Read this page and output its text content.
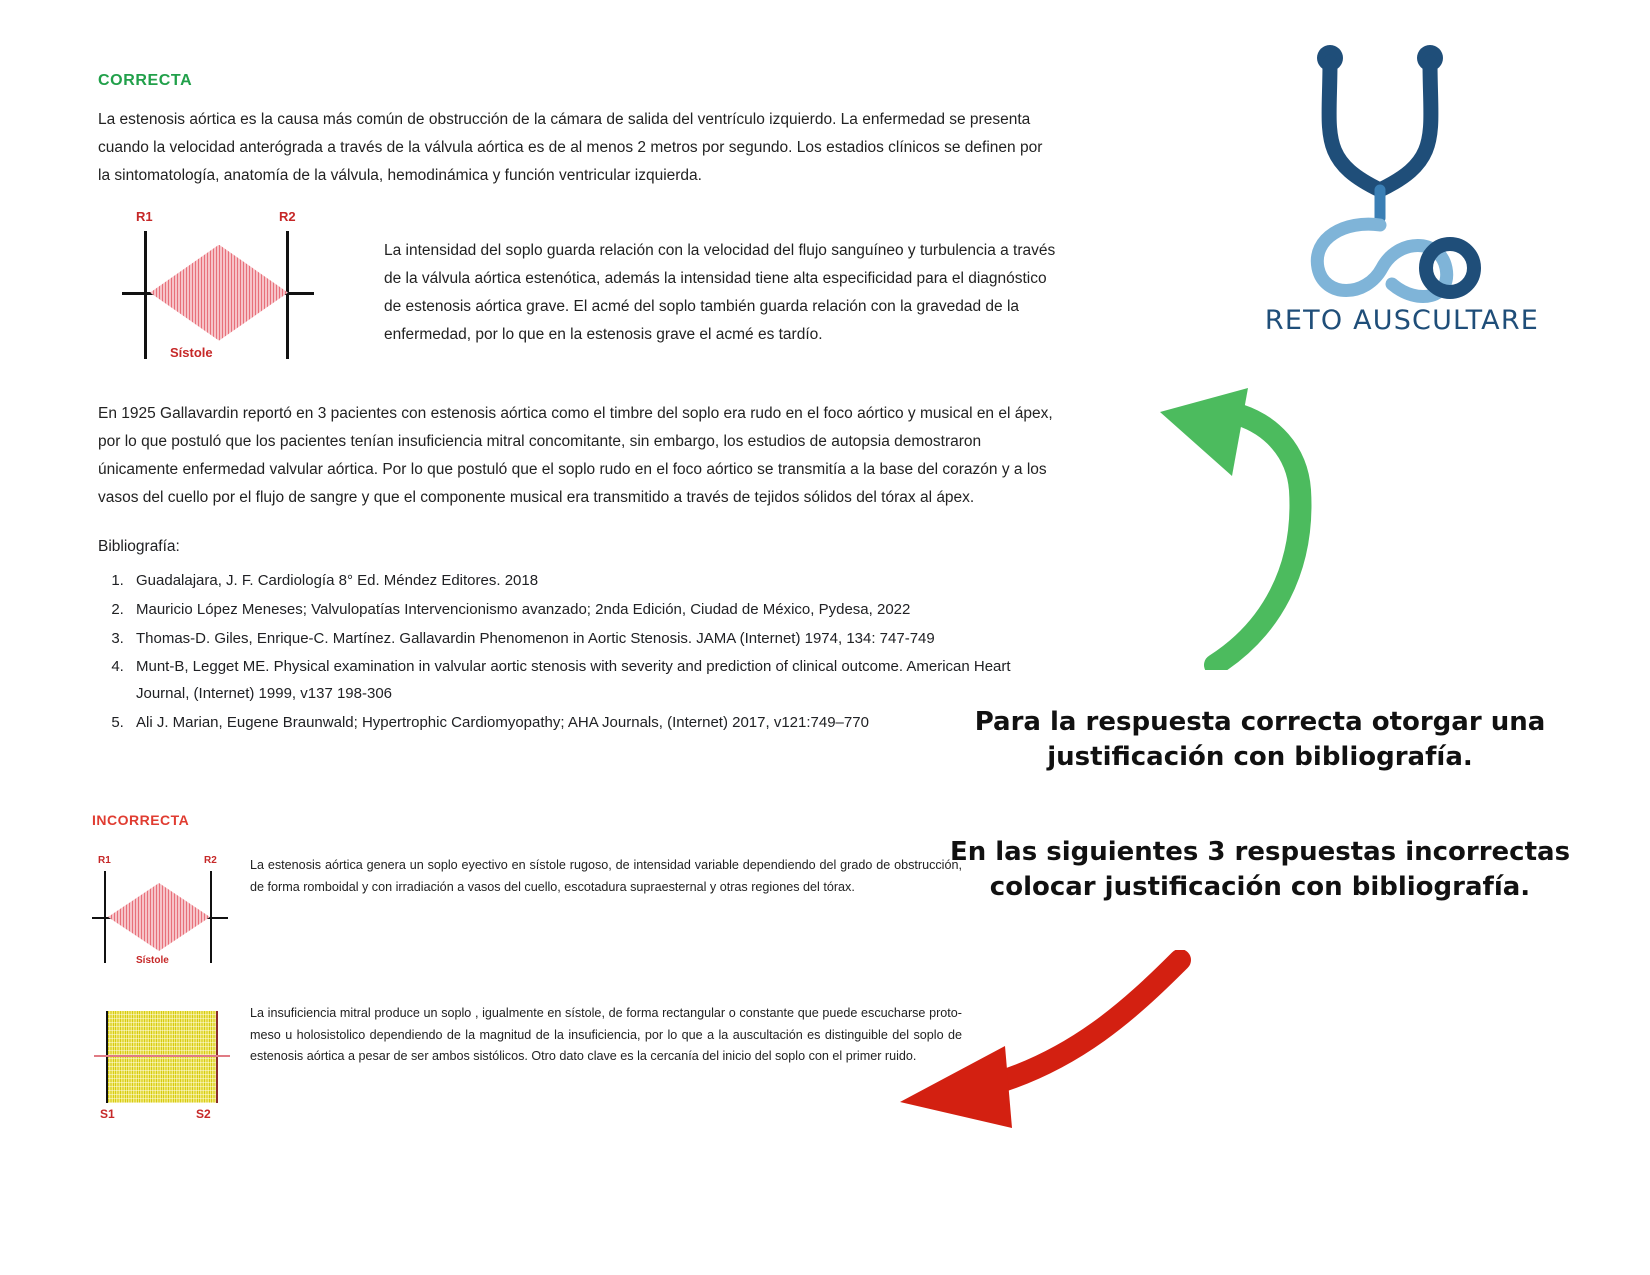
CORRECTA

La estenosis aórtica es la causa más común de obstrucción de la cámara de salida del ventrículo izquierdo. La enfermedad se presenta cuando la velocidad anterógrada a través de la válvula aórtica es de al menos 2 metros por segundo. Los estadios clínicos se definen por la sintomatología, anatomía de la válvula, hemodinámica y función ventricular izquierda.

R1	R2
Sístole
La intensidad del soplo guarda relación con la velocidad del flujo sanguíneo y turbulencia a través de la válvula aórtica estenótica, además la intensidad tiene alta especificidad para el diagnóstico de estenosis aórtica grave. El acmé del soplo también guarda relación con la gravedad de la enfermedad, por lo que en la estenosis grave el acmé es tardío.

En 1925 Gallavardin reportó en 3 pacientes con estenosis aórtica como el timbre del soplo era rudo en el foco aórtico y musical en el ápex, por lo que postuló que los pacientes tenían insuficiencia mitral concomitante, sin embargo, los estudios de autopsia demostraron únicamente enfermedad valvular aórtica. Por lo que postuló que el soplo rudo en el foco aórtico se transmitía a la base del corazón y a los vasos del cuello por el flujo de sangre y que el componente musical era transmitido a través de tejidos sólidos del tórax al ápex.

Bibliografía:

1. Guadalajara, J. F. Cardiología 8° Ed. Méndez Editores. 2018
2. Mauricio López Meneses; Valvulopatías Intervencionismo avanzado; 2nda Edición, Ciudad de México, Pydesa, 2022
3. Thomas-D. Giles, Enrique-C. Martínez. Gallavardin Phenomenon in Aortic Stenosis. JAMA (Internet) 1974, 134: 747-749
4. Munt-B, Legget ME. Physical examination in valvular aortic stenosis with severity and prediction of clinical outcome. American Heart Journal, (Internet) 1999, v137 198-306
5. Ali J. Marian, Eugene Braunwald; Hypertrophic Cardiomyopathy; AHA Journals, (Internet) 2017, v121:749–770
INCORRECTA
R1	R2
Sístole
La estenosis aórtica genera un soplo eyectivo en sístole rugoso, de intensidad variable dependiendo del grado de obstrucción, de forma romboidal y con irradiación a vasos del cuello, escotadura supraesternal y otras regiones del tórax.
S1	S2
La insuficiencia mitral produce un soplo , igualmente en sístole, de forma rectangular o constante que puede escucharse proto-meso u holosistolico dependiendo de la magnitud de la insuficiencia, por lo que a la auscultación es distinguible del soplo de estenosis aórtica a pesar de ser ambos sistólicos. Otro dato clave es la cercanía del inicio del soplo con el primer ruido.
RETO AUSCULTARE
Para la respuesta correcta otorgar una justificación con bibliografía.
En las siguientes 3 respuestas incorrectas colocar justificación con bibliografía.
